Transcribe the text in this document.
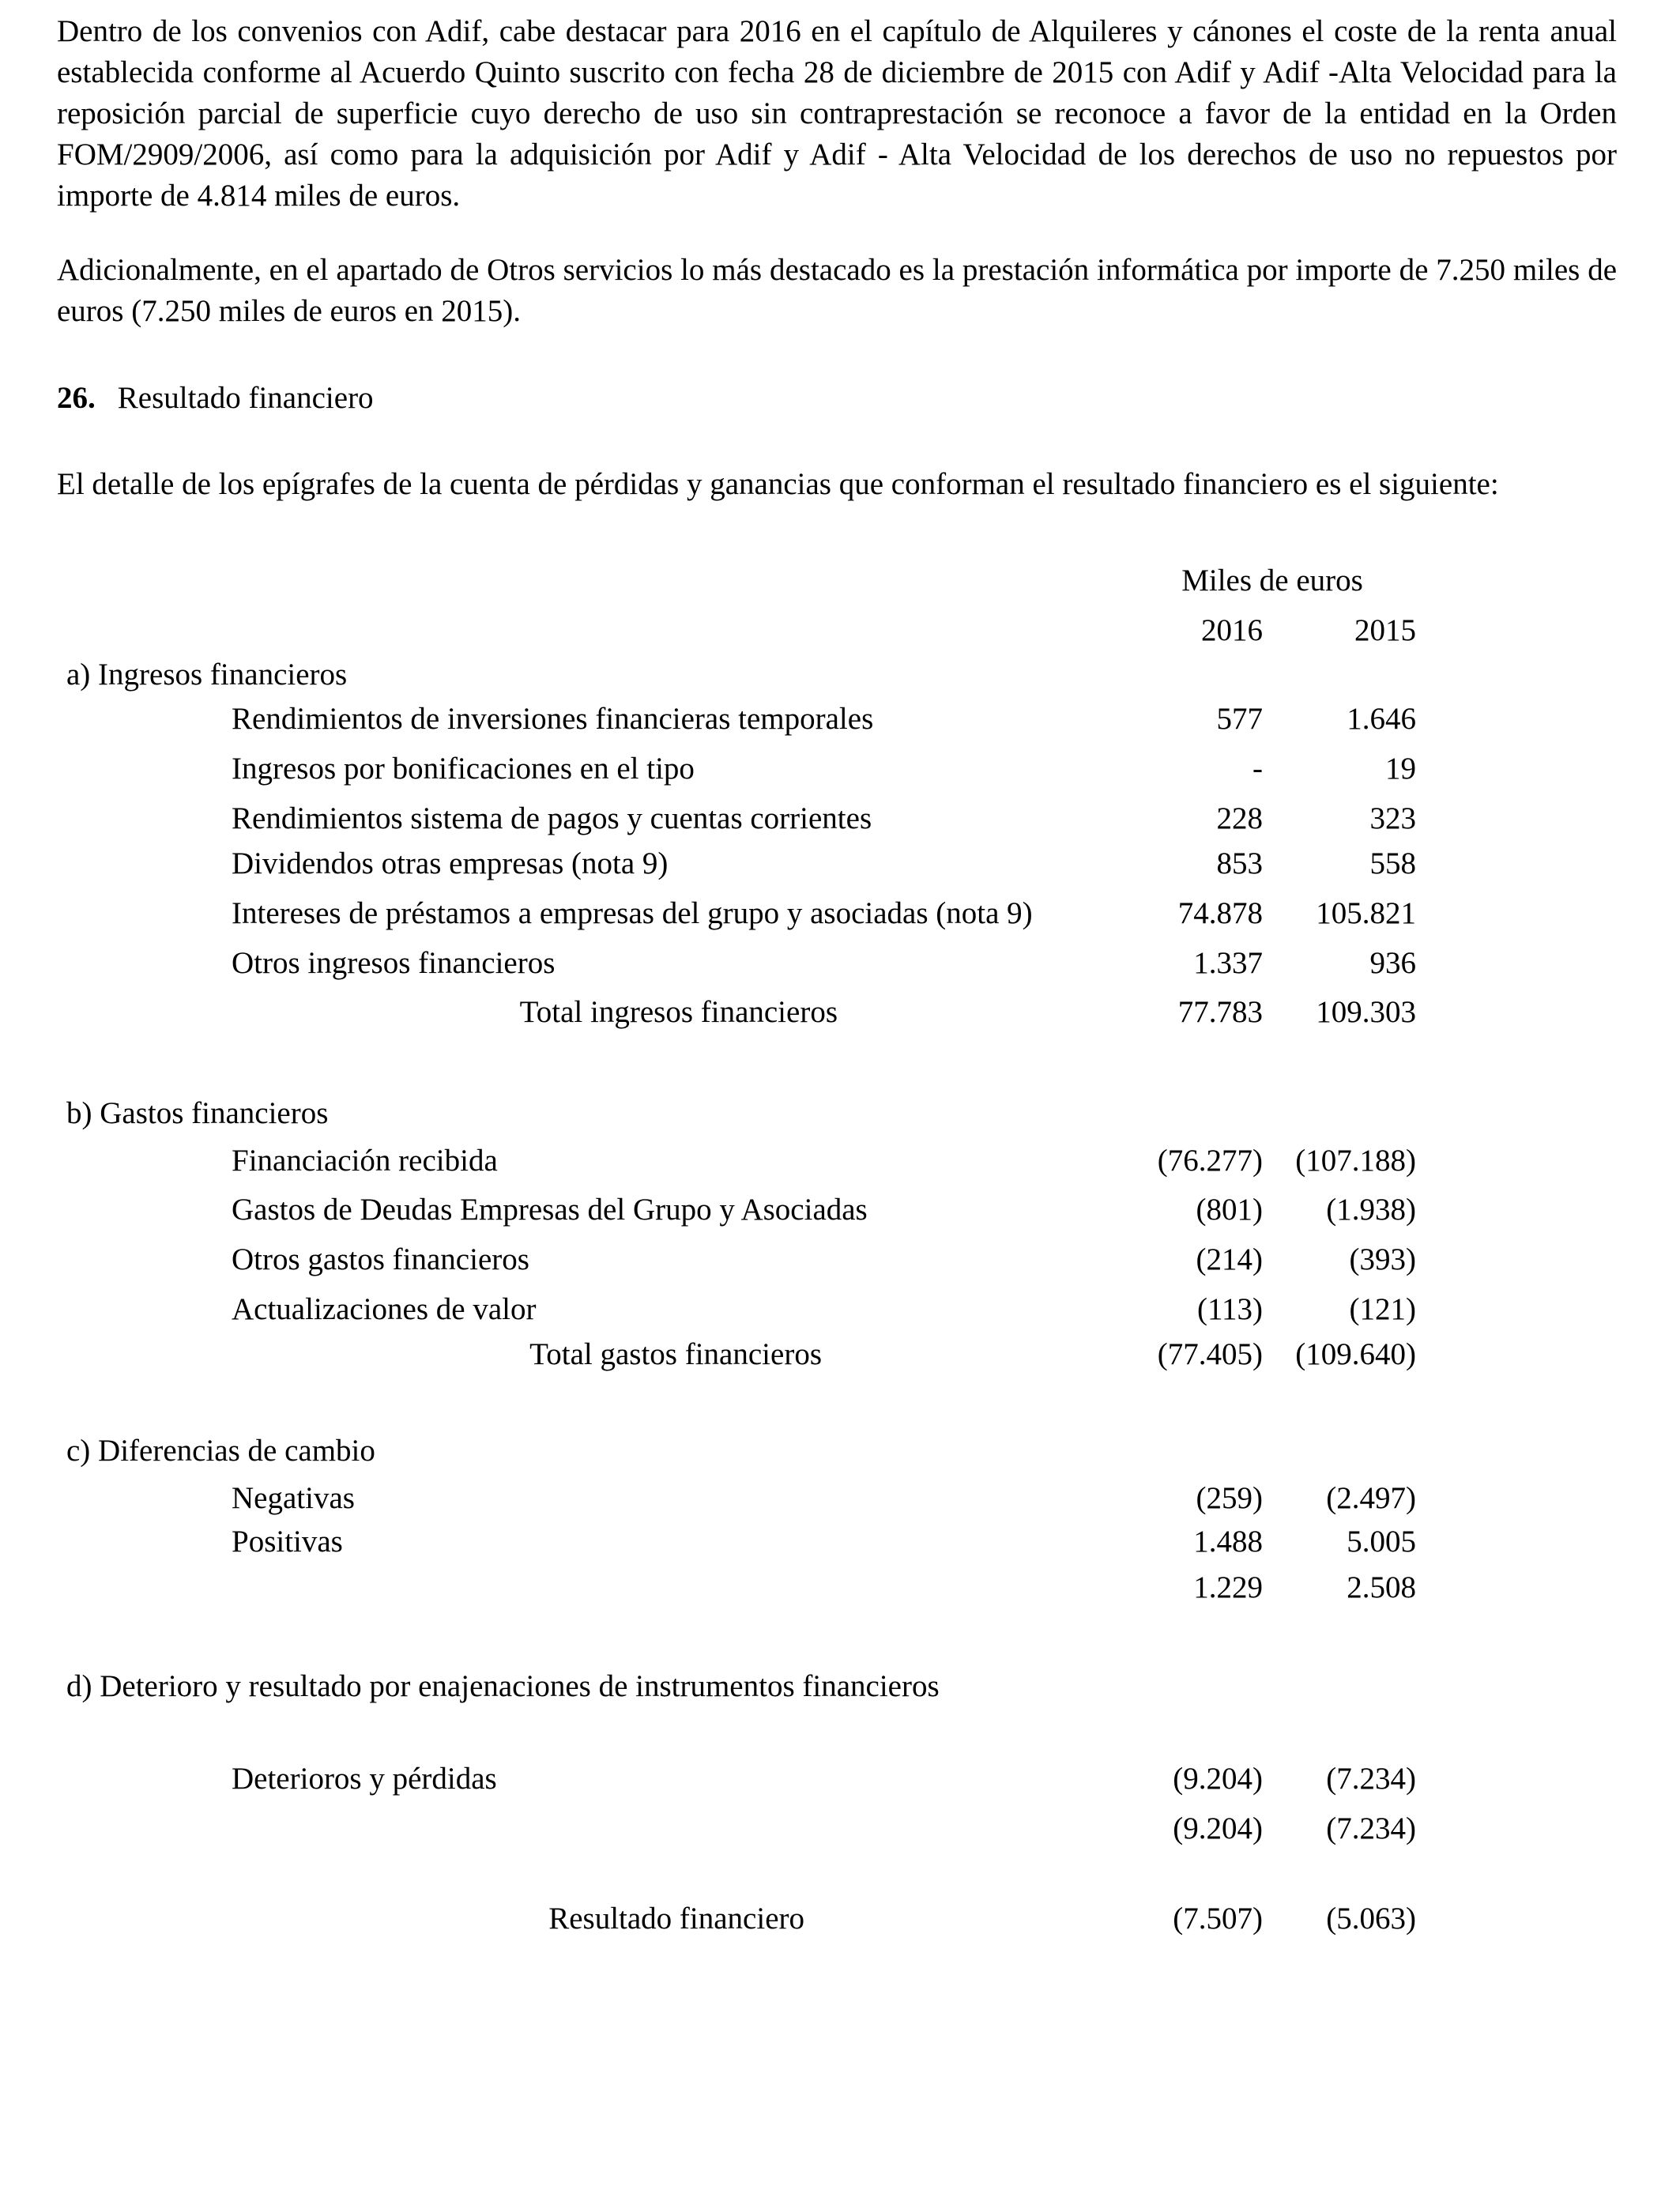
Dentro de los convenios con Adif, cabe destacar para 2016 en el capítulo de Alquileres y cánones el coste de la renta anual establecida conforme al Acuerdo Quinto suscrito con fecha 28 de diciembre de 2015 con Adif y Adif -Alta Velocidad para la reposición parcial de superficie cuyo derecho de uso sin contraprestación se reconoce a favor de la entidad en la Orden FOM/2909/2006, así como para la adquisición por Adif y Adif - Alta Velocidad de los derechos de uso no repuestos por importe de 4.814 miles de euros.

Adicionalmente, en el apartado de Otros servicios lo más destacado es la prestación informática por importe de 7.250 miles de euros (7.250 miles de euros en 2015).

26. Resultado financiero

El detalle de los epígrafes de la cuenta de pérdidas y ganancias que conforman el resultado financiero es el siguiente:

Miles de euros
2016	2015
a) Ingresos financieros
Rendimientos de inversiones financieras temporales	577	1.646
Ingresos por bonificaciones en el tipo	-	19
Rendimientos sistema de pagos y cuentas corrientes	228	323
Dividendos otras empresas (nota 9)	853	558
Intereses de préstamos a empresas del grupo y asociadas (nota 9)	74.878	105.821
Otros ingresos financieros	1.337	936
Total ingresos financieros	77.783	109.303
b) Gastos financieros
Financiación recibida	(76.277)	(107.188)
Gastos de Deudas Empresas del Grupo y Asociadas	(801)	(1.938)
Otros gastos financieros	(214)	(393)
Actualizaciones de valor	(113)	(121)
Total gastos financieros	(77.405)	(109.640)
c) Diferencias de cambio
Negativas	(259)	(2.497)
Positivas	1.488	5.005
1.229	2.508
d) Deterioro y resultado por enajenaciones de instrumentos financieros
Deterioros y pérdidas	(9.204)	(7.234)
(9.204)	(7.234)
Resultado financiero	(7.507)	(5.063)
